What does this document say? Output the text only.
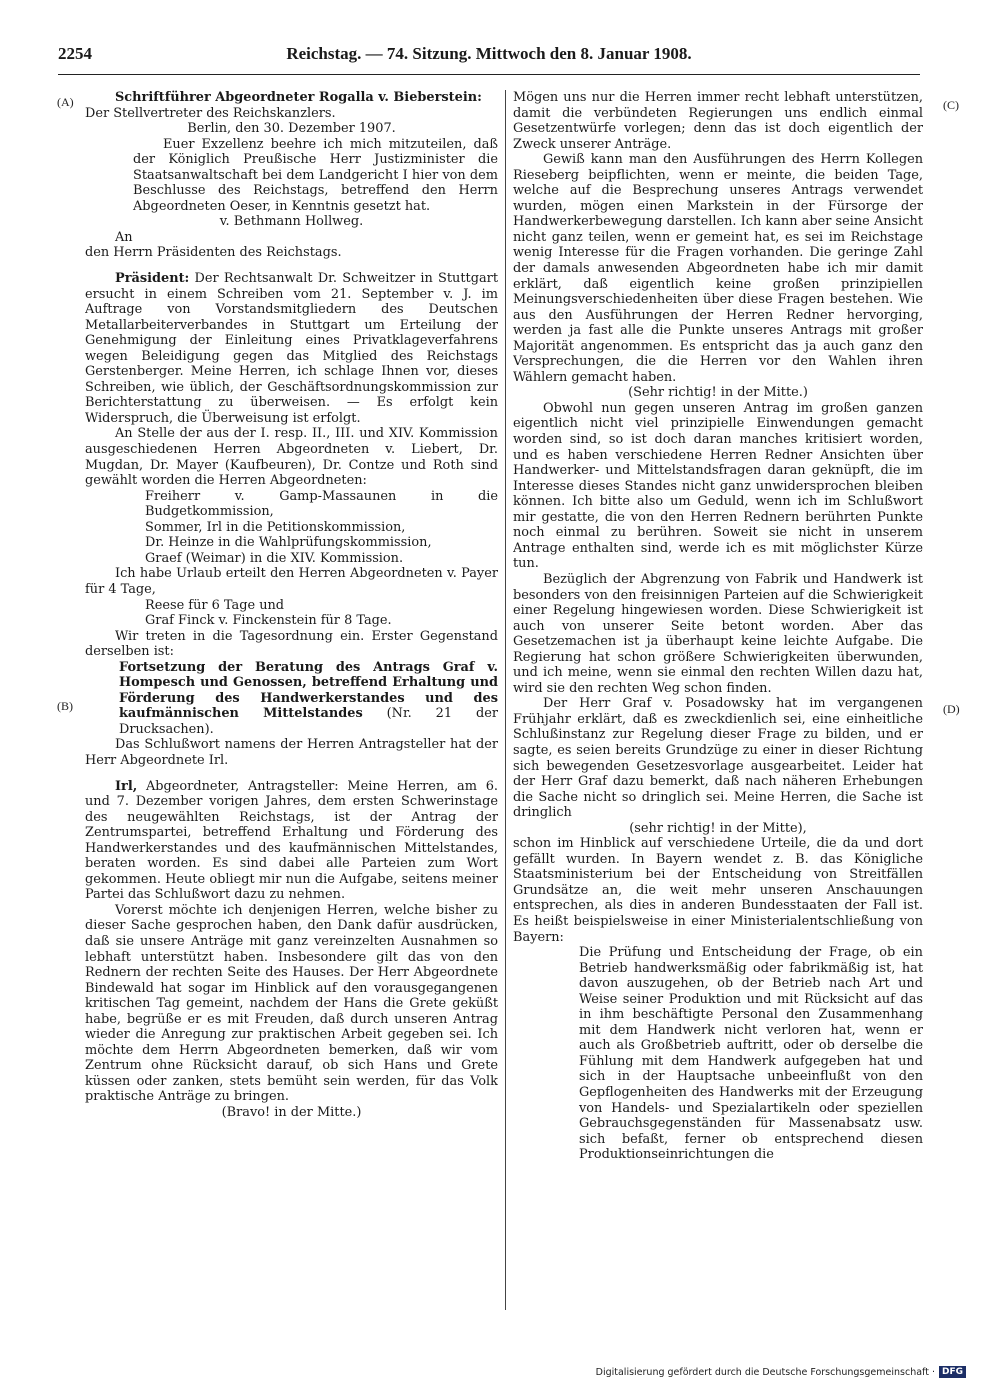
2254	Reichstag. — 74. Sitzung. Mittwoch den 8. Januar 1908.
(A)
(B)
(C)
(D)

Schriftführer Abgeordneter Rogalla v. Bieberstein:

Der Stellvertreter des Reichskanzlers.

Berlin, den 30. Dezember 1907.

Euer Exzellenz beehre ich mich mitzuteilen, daß der Königlich Preußische Herr Justizminister die Staatsanwaltschaft bei dem Landgericht I hier von dem Beschlusse des Reichstags, betreffend den Herrn Abgeordneten Oeser, in Kenntnis gesetzt hat.

v. Bethmann Hollweg.

An

den Herrn Präsidenten des Reichstags.

Präsident: Der Rechtsanwalt Dr. Schweitzer in Stuttgart ersucht in einem Schreiben vom 21. September v. J. im Auftrage von Vorstandsmitgliedern des Deutschen Metallarbeiterverbandes in Stuttgart um Erteilung der Genehmigung der Einleitung eines Privatklageverfahrens wegen Beleidigung gegen das Mitglied des Reichstags Gerstenberger. Meine Herren, ich schlage Ihnen vor, dieses Schreiben, wie üblich, der Geschäftsordnungskommission zur Berichterstattung zu überweisen. — Es erfolgt kein Widerspruch, die Überweisung ist erfolgt.

An Stelle der aus der I. resp. II., III. und XIV. Kommission ausgeschiedenen Herren Abgeordneten v. Liebert, Dr. Mugdan, Dr. Mayer (Kaufbeuren), Dr. Contze und Roth sind gewählt worden die Herren Abgeordneten:

Freiherr v. Gamp-Massaunen in die Budgetkommission,

Sommer, Irl in die Petitionskommission,

Dr. Heinze in die Wahlprüfungskommission,

Graef (Weimar) in die XIV. Kommission.

Ich habe Urlaub erteilt den Herren Abgeordneten v. Payer für 4 Tage,

Reese für 6 Tage und

Graf Finck v. Finckenstein für 8 Tage.

Wir treten in die Tagesordnung ein. Erster Gegenstand derselben ist:

Fortsetzung der Beratung des Antrags Graf v. Hompesch und Genossen, betreffend Erhaltung und Förderung des Handwerkerstandes und des kaufmännischen Mittelstandes (Nr. 21 der Drucksachen).

Das Schlußwort namens der Herren Antragsteller hat der Herr Abgeordnete Irl.

Irl, Abgeordneter, Antragsteller: Meine Herren, am 6. und 7. Dezember vorigen Jahres, dem ersten Schwerinstage des neugewählten Reichstags, ist der Antrag der Zentrumspartei, betreffend Erhaltung und Förderung des Handwerkerstandes und des kaufmännischen Mittelstandes, beraten worden. Es sind dabei alle Parteien zum Wort gekommen. Heute obliegt mir nun die Aufgabe, seitens meiner Partei das Schlußwort dazu zu nehmen.

Vorerst möchte ich denjenigen Herren, welche bisher zu dieser Sache gesprochen haben, den Dank dafür ausdrücken, daß sie unsere Anträge mit ganz vereinzelten Ausnahmen so lebhaft unterstützt haben. Insbesondere gilt das von den Rednern der rechten Seite des Hauses. Der Herr Abgeordnete Bindewald hat sogar im Hinblick auf den vorausgegangenen kritischen Tag gemeint, nachdem der Hans die Grete geküßt habe, begrüße er es mit Freuden, daß durch unseren Antrag wieder die Anregung zur praktischen Arbeit gegeben sei. Ich möchte dem Herrn Abgeordneten bemerken, daß wir vom Zentrum ohne Rücksicht darauf, ob sich Hans und Grete küssen oder zanken, stets bemüht sein werden, für das Volk praktische Anträge zu bringen.

(Bravo! in der Mitte.)

Mögen uns nur die Herren immer recht lebhaft unterstützen, damit die verbündeten Regierungen uns endlich einmal Gesetzentwürfe vorlegen; denn das ist doch eigentlich der Zweck unserer Anträge.

Gewiß kann man den Ausführungen des Herrn Kollegen Rieseberg beipflichten, wenn er meinte, die beiden Tage, welche auf die Besprechung unseres Antrags verwendet wurden, mögen einen Markstein in der Fürsorge der Handwerkerbewegung darstellen. Ich kann aber seine Ansicht nicht ganz teilen, wenn er gemeint hat, es sei im Reichstage wenig Interesse für die Fragen vorhanden. Die geringe Zahl der damals anwesenden Abgeordneten habe ich mir damit erklärt, daß eigentlich keine großen prinzipiellen Meinungsverschiedenheiten über diese Fragen bestehen. Wie aus den Ausführungen der Herren Redner hervorging, werden ja fast alle die Punkte unseres Antrags mit großer Majorität angenommen. Es entspricht das ja auch ganz den Versprechungen, die die Herren vor den Wahlen ihren Wählern gemacht haben.

(Sehr richtig! in der Mitte.)

Obwohl nun gegen unseren Antrag im großen ganzen eigentlich nicht viel prinzipielle Einwendungen gemacht worden sind, so ist doch daran manches kritisiert worden, und es haben verschiedene Herren Redner Ansichten über Handwerker- und Mittelstandsfragen daran geknüpft, die im Interesse dieses Standes nicht ganz unwidersprochen bleiben können. Ich bitte also um Geduld, wenn ich im Schlußwort mir gestatte, die von den Herren Rednern berührten Punkte noch einmal zu berühren. Soweit sie nicht in unserem Antrage enthalten sind, werde ich es mit möglichster Kürze tun.

Bezüglich der Abgrenzung von Fabrik und Handwerk ist besonders von den freisinnigen Parteien auf die Schwierigkeit einer Regelung hingewiesen worden. Diese Schwierigkeit ist auch von unserer Seite betont worden. Aber das Gesetzemachen ist ja überhaupt keine leichte Aufgabe. Die Regierung hat schon größere Schwierigkeiten überwunden, und ich meine, wenn sie einmal den rechten Willen dazu hat, wird sie den rechten Weg schon finden.

Der Herr Graf v. Posadowsky hat im vergangenen Frühjahr erklärt, daß es zweckdienlich sei, eine einheitliche Schlußinstanz zur Regelung dieser Frage zu bilden, und er sagte, es seien bereits Grundzüge zu einer in dieser Richtung sich bewegenden Gesetzesvorlage ausgearbeitet. Leider hat der Herr Graf dazu bemerkt, daß nach näheren Erhebungen die Sache nicht so dringlich sei. Meine Herren, die Sache ist dringlich

(sehr richtig! in der Mitte),

schon im Hinblick auf verschiedene Urteile, die da und dort gefällt wurden. In Bayern wendet z. B. das Königliche Staatsministerium bei der Entscheidung von Streitfällen Grundsätze an, die weit mehr unseren Anschauungen entsprechen, als dies in anderen Bundesstaaten der Fall ist. Es heißt beispielsweise in einer Ministerialentschließung von Bayern:

Die Prüfung und Entscheidung der Frage, ob ein Betrieb handwerksmäßig oder fabrikmäßig ist, hat davon auszugehen, ob der Betrieb nach Art und Weise seiner Produktion und mit Rücksicht auf das in ihm beschäftigte Personal den Zusammenhang mit dem Handwerk nicht verloren hat, wenn er auch als Großbetrieb auftritt, oder ob derselbe die Fühlung mit dem Handwerk aufgegeben hat und sich in der Hauptsache unbeeinflußt von den Gepflogenheiten des Handwerks mit der Erzeugung von Handels- und Spezialartikeln oder speziellen Gebrauchsgegenständen für Massenabsatz usw. sich befaßt, ferner ob entsprechend diesen Produktionseinrichtungen die

Digitalisierung gefördert durch die Deutsche Forschungsgemeinschaft · DFG
